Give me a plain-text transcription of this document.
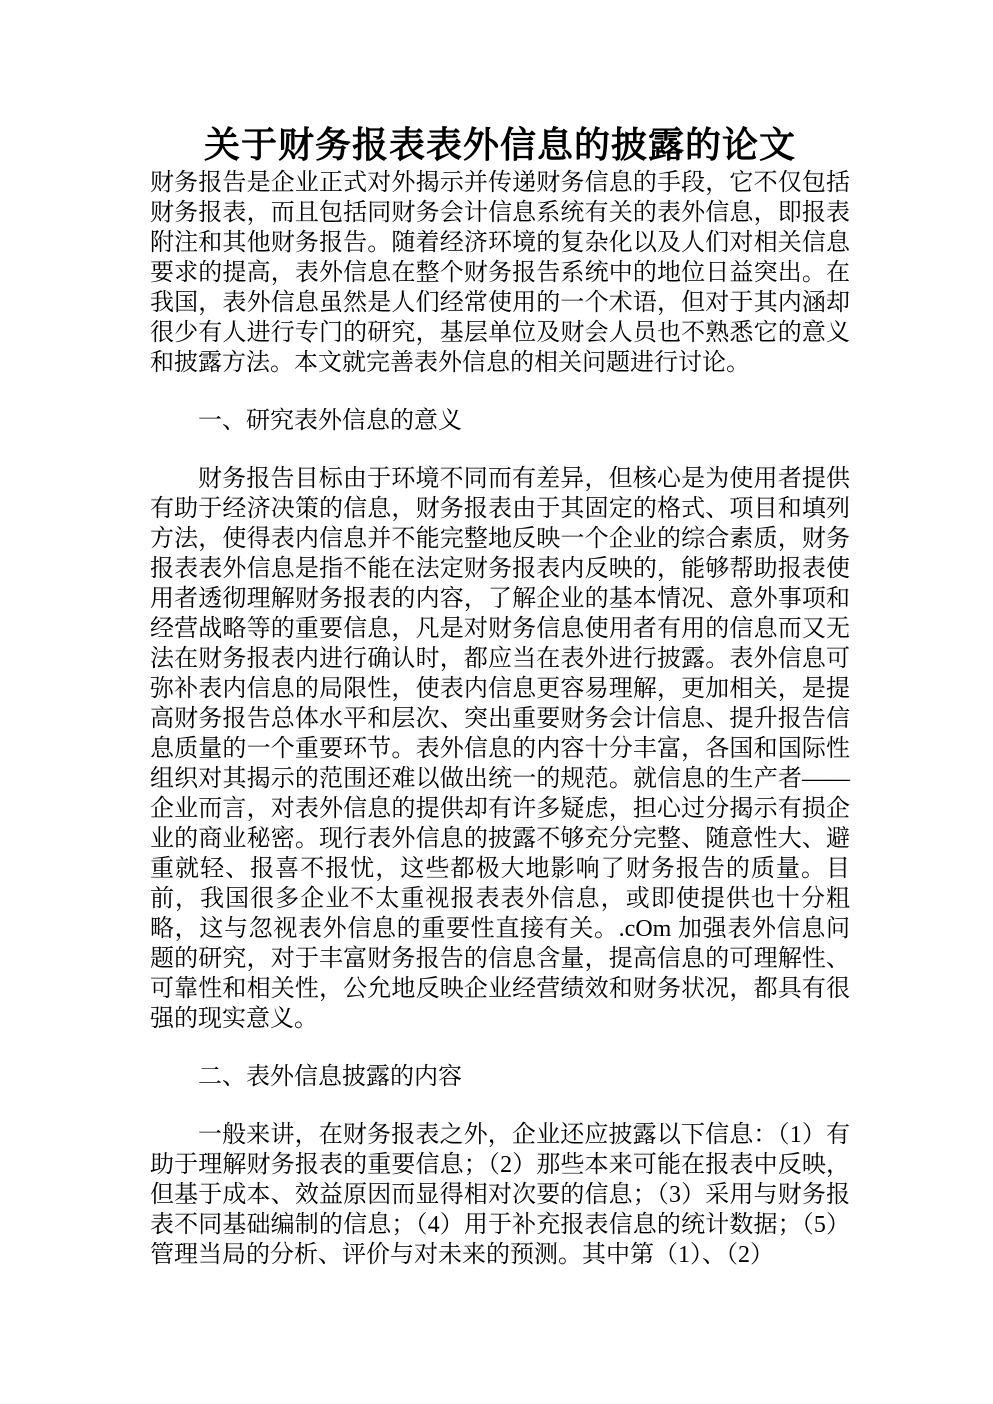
关于财务报表表外信息的披露的论文

财务报告是企业正式对外揭示并传递财务信息的手段，它不仅包括财务报表，而且包括同财务会计信息系统有关的表外信息，即报表附注和其他财务报告。随着经济环境的复杂化以及人们对相关信息要求的提高，表外信息在整个财务报告系统中的地位日益突出。在我国，表外信息虽然是人们经常使用的一个术语，但对于其内涵却很少有人进行专门的研究，基层单位及财会人员也不熟悉它的意义和披露方法。本文就完善表外信息的相关问题进行讨论。

一、研究表外信息的意义

财务报告目标由于环境不同而有差异，但核心是为使用者提供有助于经济决策的信息，财务报表由于其固定的格式、项目和填列方法，使得表内信息并不能完整地反映一个企业的综合素质，财务报表表外信息是指不能在法定财务报表内反映的，能够帮助报表使用者透彻理解财务报表的内容，了解企业的基本情况、意外事项和经营战略等的重要信息，凡是对财务信息使用者有用的信息而又无法在财务报表内进行确认时，都应当在表外进行披露。表外信息可弥补表内信息的局限性，使表内信息更容易理解，更加相关，是提高财务报告总体水平和层次、突出重要财务会计信息、提升报告信息质量的一个重要环节。表外信息的内容十分丰富，各国和国际性组织对其揭示的范围还难以做出统一的规范。就信息的生产者——企业而言，对表外信息的提供却有许多疑虑，担心过分揭示有损企业的商业秘密。现行表外信息的披露不够充分完整、随意性大、避重就轻、报喜不报忧，这些都极大地影响了财务报告的质量。目前，我国很多企业不太重视报表表外信息，或即使提供也十分粗略，这与忽视表外信息的重要性直接有关。.cOm 加强表外信息问题的研究，对于丰富财务报告的信息含量，提高信息的可理解性、可靠性和相关性，公允地反映企业经营绩效和财务状况，都具有很强的现实意义。

二、表外信息披露的内容

一般来讲，在财务报表之外，企业还应披露以下信息：（1）有助于理解财务报表的重要信息；（2）那些本来可能在报表中反映，但基于成本、效益原因而显得相对次要的信息；（3）采用与财务报表不同基础编制的信息；（4）用于补充报表信息的统计数据；（5）管理当局的分析、评价与对未来的预测。其中第（1）、（2）
